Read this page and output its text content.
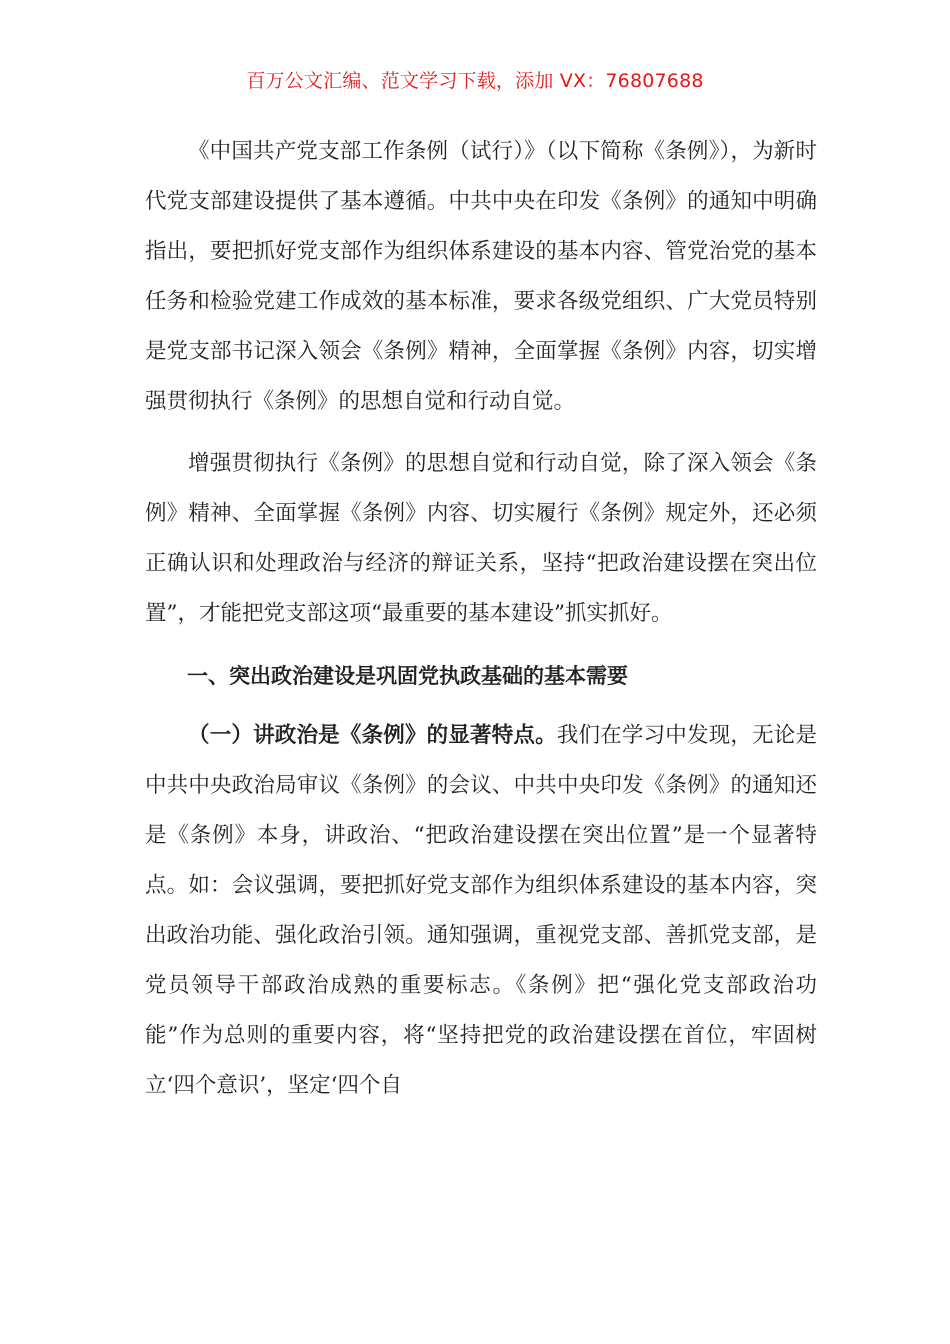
百万公文汇编、范文学习下载，添加 VX：76807688

《中国共产党支部工作条例（试行）》（以下简称《条例》），为新时代党支部建设提供了基本遵循。中共中央在印发《条例》的通知中明确指出，要把抓好党支部作为组织体系建设的基本内容、管党治党的基本任务和检验党建工作成效的基本标准，要求各级党组织、广大党员特别是党支部书记深入领会《条例》精神，全面掌握《条例》内容，切实增强贯彻执行《条例》的思想自觉和行动自觉。

增强贯彻执行《条例》的思想自觉和行动自觉，除了深入领会《条例》精神、全面掌握《条例》内容、切实履行《条例》规定外，还必须正确认识和处理政治与经济的辩证关系，坚持“把政治建设摆在突出位置”，才能把党支部这项“最重要的基本建设”抓实抓好。

一、突出政治建设是巩固党执政基础的基本需要

（一）讲政治是《条例》的显著特点。我们在学习中发现，无论是中共中央政治局审议《条例》的会议、中共中央印发《条例》的通知还是《条例》本身，讲政治、“把政治建设摆在突出位置”是一个显著特点。如：会议强调，要把抓好党支部作为组织体系建设的基本内容，突出政治功能、强化政治引领。通知强调，重视党支部、善抓党支部，是党员领导干部政治成熟的重要标志。《条例》把“强化党支部政治功能”作为总则的重要内容，将“坚持把党的政治建设摆在首位，牢固树立‘四个意识’，坚定‘四个自
